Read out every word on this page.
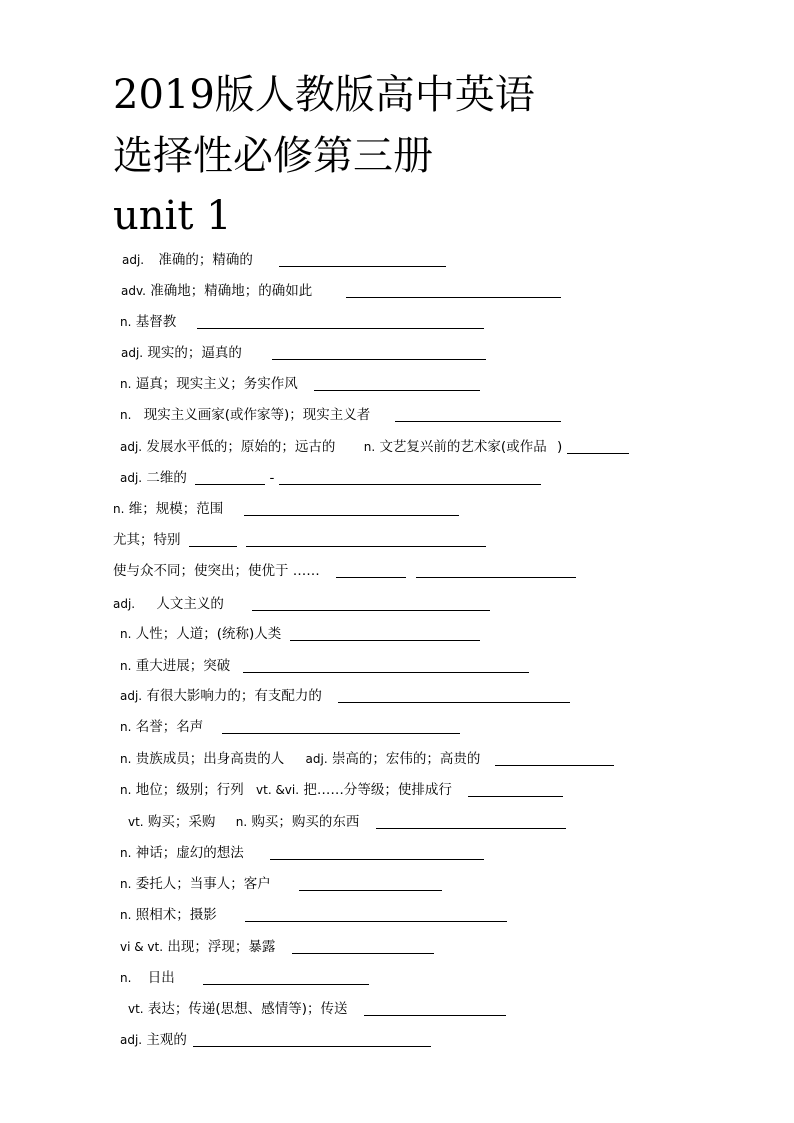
2019版人教版高中英语
选择性必修第三册
unit 1
adj. 准确的；精确的
adv. 准确地；精确地；的确如此
n. 基督教
adj. 现实的；逼真的
n. 逼真；现实主义；务实作风
n. 现实主义画家(或作家等)；现实主义者
adj. 发展水平低的；原始的；远古的 n. 文艺复兴前的艺术家(或作品 )
adj. 二维的	-
n. 维；规模；范围
尤其；特别
使与众不同；使突出；使优于 ……
adj. 人文主义的
n. 人性；人道；(统称)人类
n. 重大进展；突破
adj. 有很大影响力的；有支配力的
n. 名誉；名声
n. 贵族成员；出身高贵的人 adj. 崇高的；宏伟的；高贵的
n. 地位；级别；行列 vt. &vi. 把……分等级；使排成行
vt. 购买；采购 n. 购买；购买的东西
n. 神话；虚幻的想法
n. 委托人；当事人；客户
n. 照相术；摄影
vi & vt. 出现；浮现；暴露
n. 日出
vt. 表达；传递(思想、感情等)；传送
adj. 主观的
